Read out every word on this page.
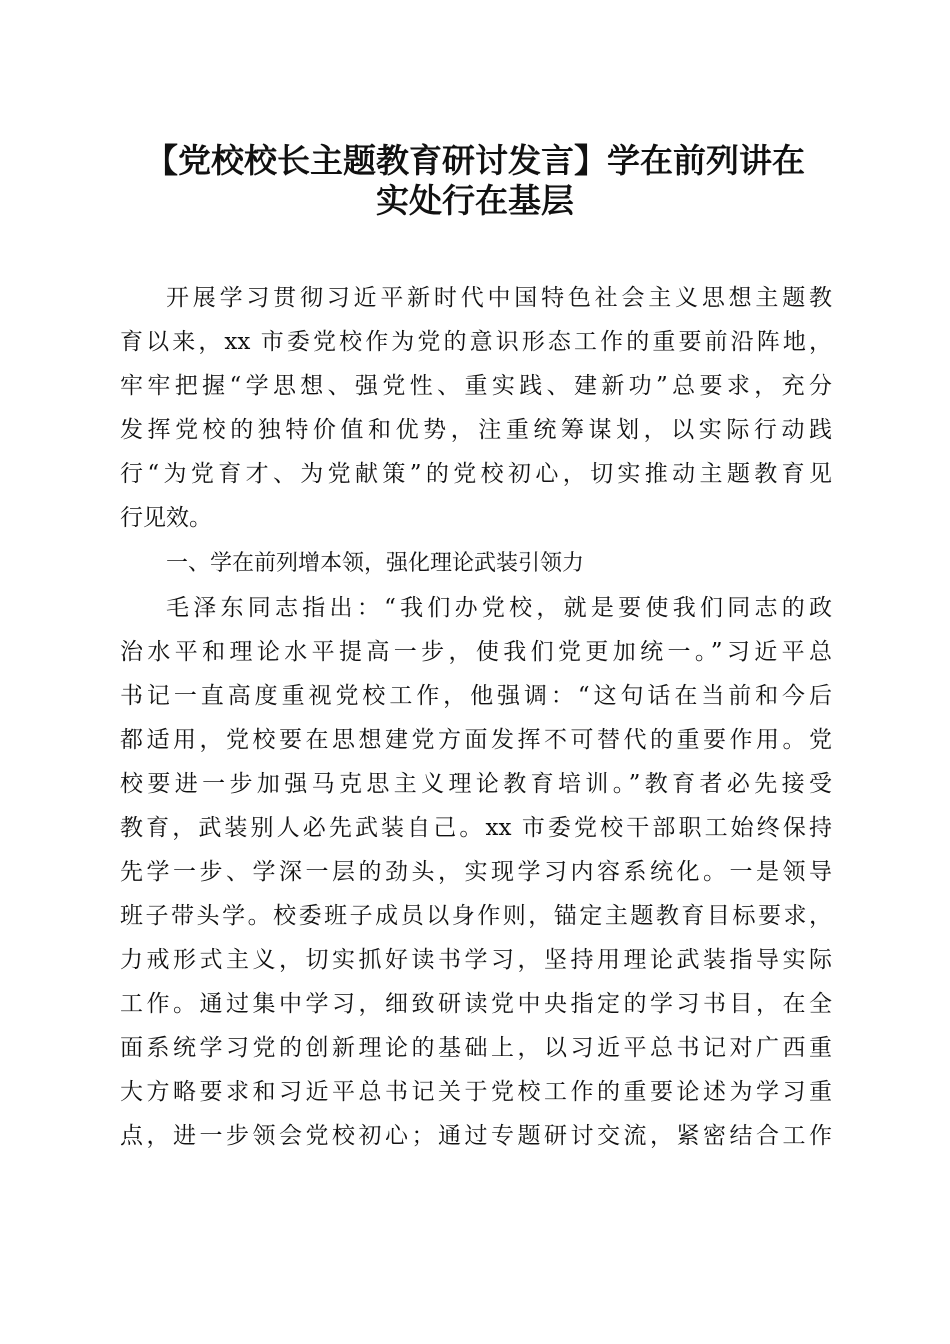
【党校校长主题教育研讨发言】学在前列讲在
实处行在基层

开展学习贯彻习近平新时代中国特色社会主义思想主题教

育以来，xx 市委党校作为党的意识形态工作的重要前沿阵地，

牢牢把握“学思想、强党性、重实践、建新功”总要求，充分

发挥党校的独特价值和优势，注重统筹谋划，以实际行动践

行“为党育才、为党献策”的党校初心，切实推动主题教育见

行见效。

一、学在前列增本领，强化理论武装引领力

毛泽东同志指出：“我们办党校，就是要使我们同志的政

治水平和理论水平提高一步，使我们党更加统一。”习近平总

书记一直高度重视党校工作，他强调：“这句话在当前和今后

都适用，党校要在思想建党方面发挥不可替代的重要作用。党

校要进一步加强马克思主义理论教育培训。”教育者必先接受

教育，武装别人必先武装自己。xx 市委党校干部职工始终保持

先学一步、学深一层的劲头，实现学习内容系统化。一是领导

班子带头学。校委班子成员以身作则，锚定主题教育目标要求，

力戒形式主义，切实抓好读书学习，坚持用理论武装指导实际

工作。通过集中学习，细致研读党中央指定的学习书目，在全

面系统学习党的创新理论的基础上，以习近平总书记对广西重

大方略要求和习近平总书记关于党校工作的重要论述为学习重

点，进一步领会党校初心；通过专题研讨交流，紧密结合工作
